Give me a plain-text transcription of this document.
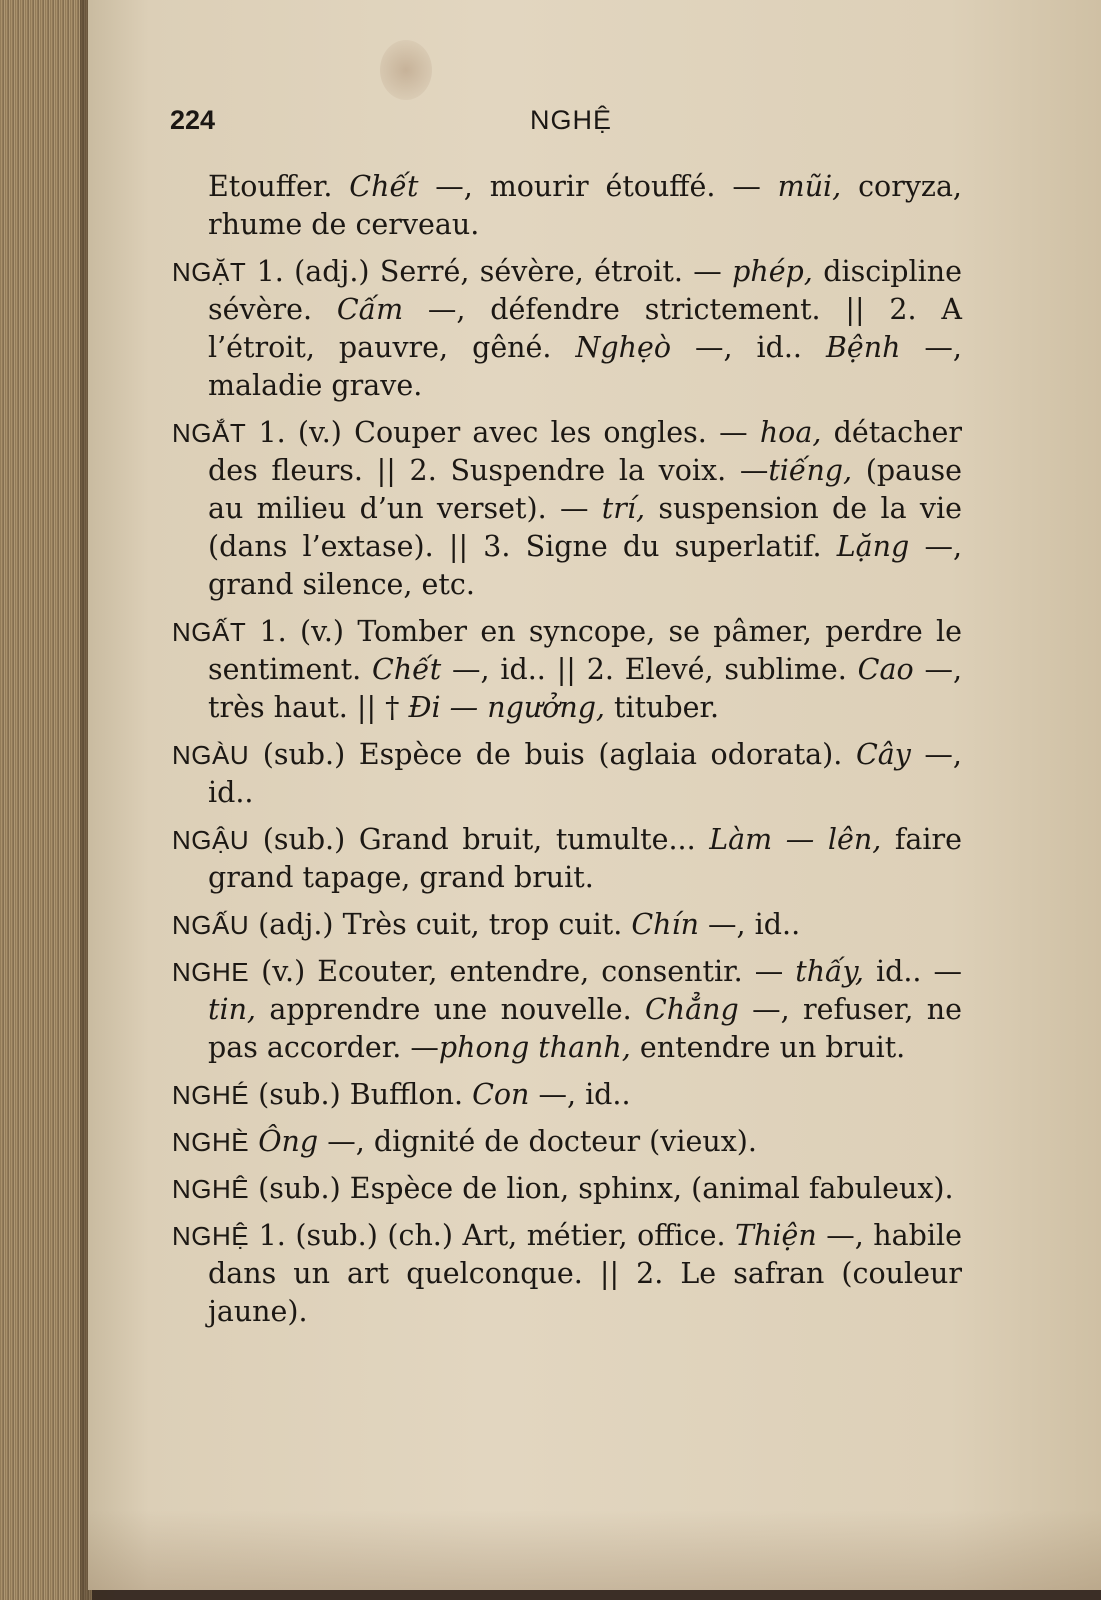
224	NGHỆ
Etouffer. Chết —, mourir étouffé. — mũi, coryza, rhume de cerveau.
NGẶT 1. (adj.) Serré, sévère, étroit. — phép, discipline sévère. Cấm —, défendre strictement. || 2. A l’étroit, pauvre, gêné. Nghẹò —, id.. Bệnh —, maladie grave.
NGẮT 1. (v.) Couper avec les ongles. — hoa, détacher des fleurs. || 2. Suspendre la voix. —tiếng, (pause au milieu d’un verset). — trí, suspension de la vie (dans l’extase). || 3. Signe du superlatif. Lặng —, grand silence, etc.
NGẤT 1. (v.) Tomber en syncope, se pâmer, perdre le sentiment. Chết —, id.. || 2. Elevé, sublime. Cao —, très haut. || † Đi — ngưởng, tituber.
NGÀU (sub.) Espèce de buis (aglaia odorata). Cây —, id..
NGẬU (sub.) Grand bruit, tumulte... Làm — lên, faire grand tapage, grand bruit.
NGẤU (adj.) Très cuit, trop cuit. Chín —, id..
NGHE (v.) Ecouter, entendre, consentir. — thấy, id.. — tin, apprendre une nouvelle. Chẳng —, refuser, ne pas accorder. —phong thanh, entendre un bruit.
NGHÉ (sub.) Bufflon. Con —, id..
NGHÈ Ông —, dignité de docteur (vieux).
NGHÊ (sub.) Espèce de lion, sphinx, (animal fabuleux).
NGHỆ 1. (sub.) (ch.) Art, métier, office. Thiện —, habile dans un art quelconque. || 2. Le safran (couleur jaune).
